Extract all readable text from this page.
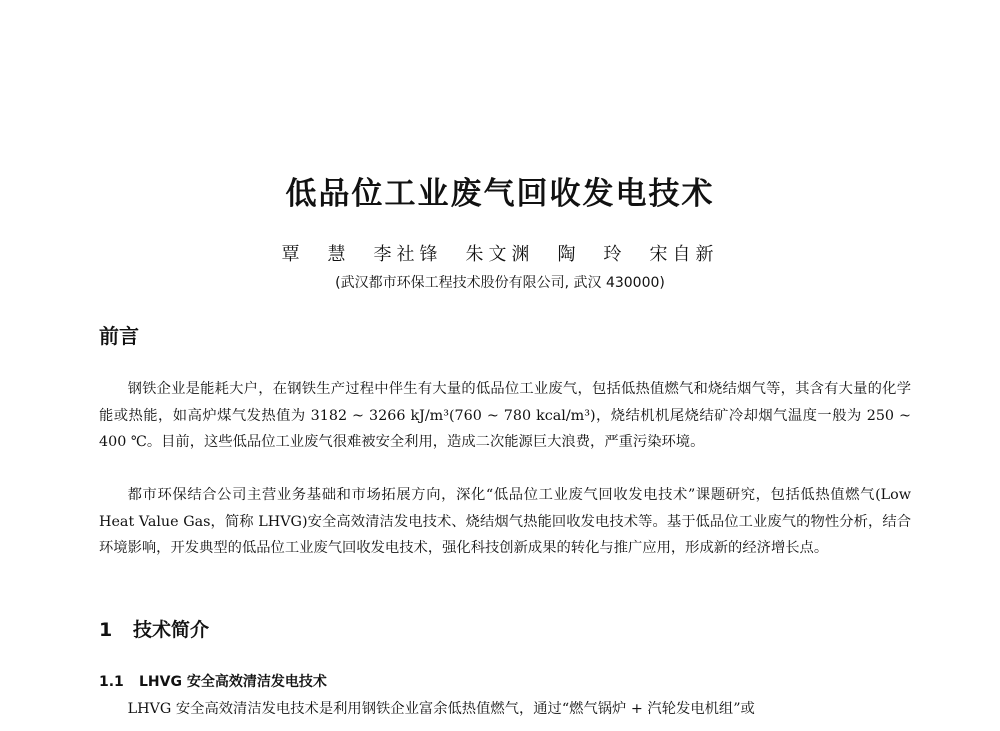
低品位工业废气回收发电技术
覃　慧　李社锋　朱文渊　陶　玲　宋自新
(武汉都市环保工程技术股份有限公司, 武汉 430000)
前言

钢铁企业是能耗大户，在钢铁生产过程中伴生有大量的低品位工业废气，包括低热值燃气和烧结烟气等，其含有大量的化学能或热能，如高炉煤气发热值为 3182 ~ 3266 kJ/m³(760 ~ 780 kcal/m³)，烧结机机尾烧结矿冷却烟气温度一般为 250 ~ 400 ℃。目前，这些低品位工业废气很难被安全利用，造成二次能源巨大浪费，严重污染环境。

都市环保结合公司主营业务基础和市场拓展方向，深化“低品位工业废气回收发电技术”课题研究，包括低热值燃气(Low Heat Value Gas，简称 LHVG)安全高效清洁发电技术、烧结烟气热能回收发电技术等。基于低品位工业废气的物性分析，结合环境影响，开发典型的低品位工业废气回收发电技术，强化科技创新成果的转化与推广应用，形成新的经济增长点。

1 技术简介
1.1 LHVG 安全高效清洁发电技术

LHVG 安全高效清洁发电技术是利用钢铁企业富余低热值燃气，通过“燃气锅炉 + 汽轮发电机组”或
